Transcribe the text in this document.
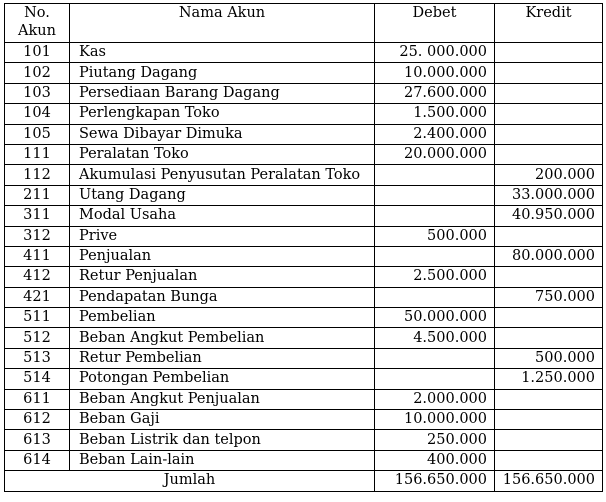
No. Akun	Nama Akun	Debet	Kredit
101	Kas	25. 000.000	
102	Piutang Dagang	10.000.000	
103	Persediaan Barang Dagang	27.600.000	
104	Perlengkapan Toko	1.500.000	
105	Sewa Dibayar Dimuka	2.400.000	
111	Peralatan Toko	20.000.000	
112	Akumulasi Penyusutan Peralatan Toko		200.000
211	Utang Dagang		33.000.000
311	Modal Usaha		40.950.000
312	Prive	500.000	
411	Penjualan		80.000.000
412	Retur Penjualan	2.500.000	
421	Pendapatan Bunga		750.000
511	Pembelian	50.000.000	
512	Beban Angkut Pembelian	4.500.000	
513	Retur Pembelian		500.000
514	Potongan Pembelian		1.250.000
611	Beban Angkut Penjualan	2.000.000	
612	Beban Gaji	10.000.000	
613	Beban Listrik dan telpon	250.000	
614	Beban Lain-lain	400.000	
Jumlah		156.650.000	156.650.000
